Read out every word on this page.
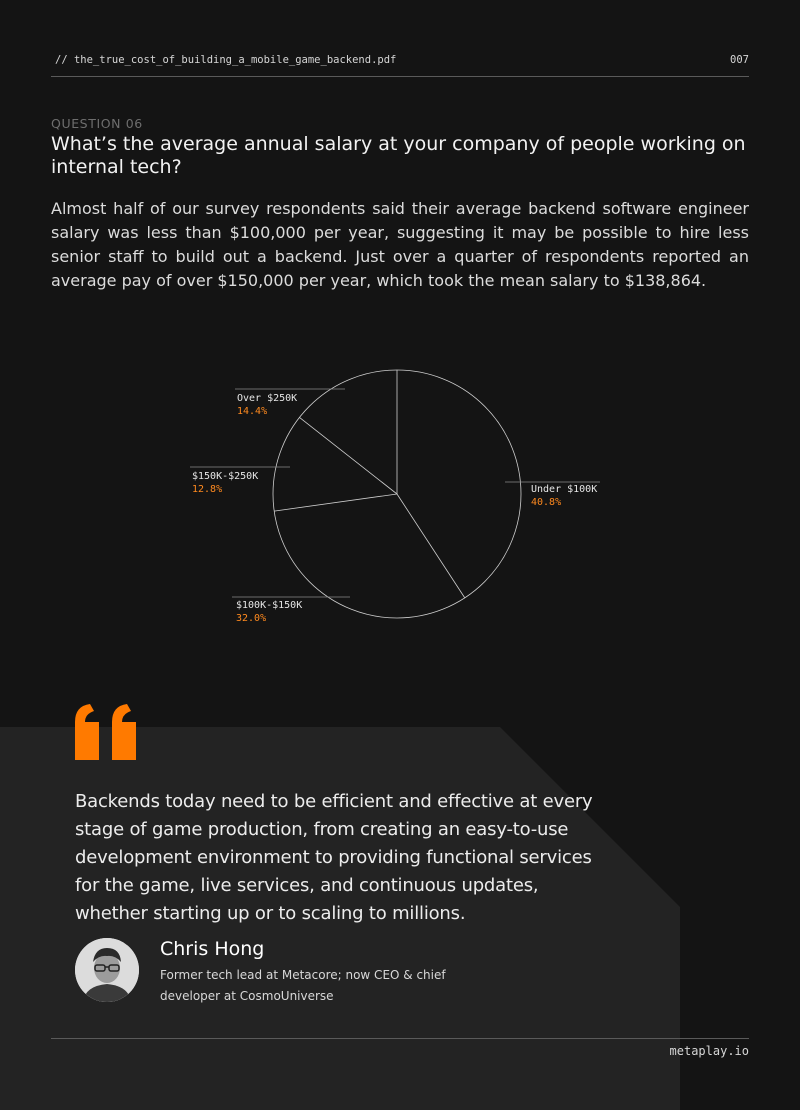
// the_true_cost_of_building_a_mobile_game_backend.pdf	007
QUESTION 06
What’s the average annual salary at your company of people working on internal tech?
Almost half of our survey respondents said their average backend software engineer salary was less than $100,000 per year, suggesting it may be possible to hire less senior staff to build out a backend. Just over a quarter of respondents reported an average pay of over $150,000 per year, which took the mean salary to $138,864.
Under $100K
40.8%
$100K-$150K
32.0%
$150K-$250K
12.8%
Over $250K
14.4%
Backends today need to be efficient and effective at every stage of game production, from creating an easy-to-use development environment to providing functional services for the game, live services, and continuous updates, whether starting up or to scaling to millions.
Chris Hong
Former tech lead at Metacore; now CEO & chief developer at CosmoUniverse
metaplay.io
